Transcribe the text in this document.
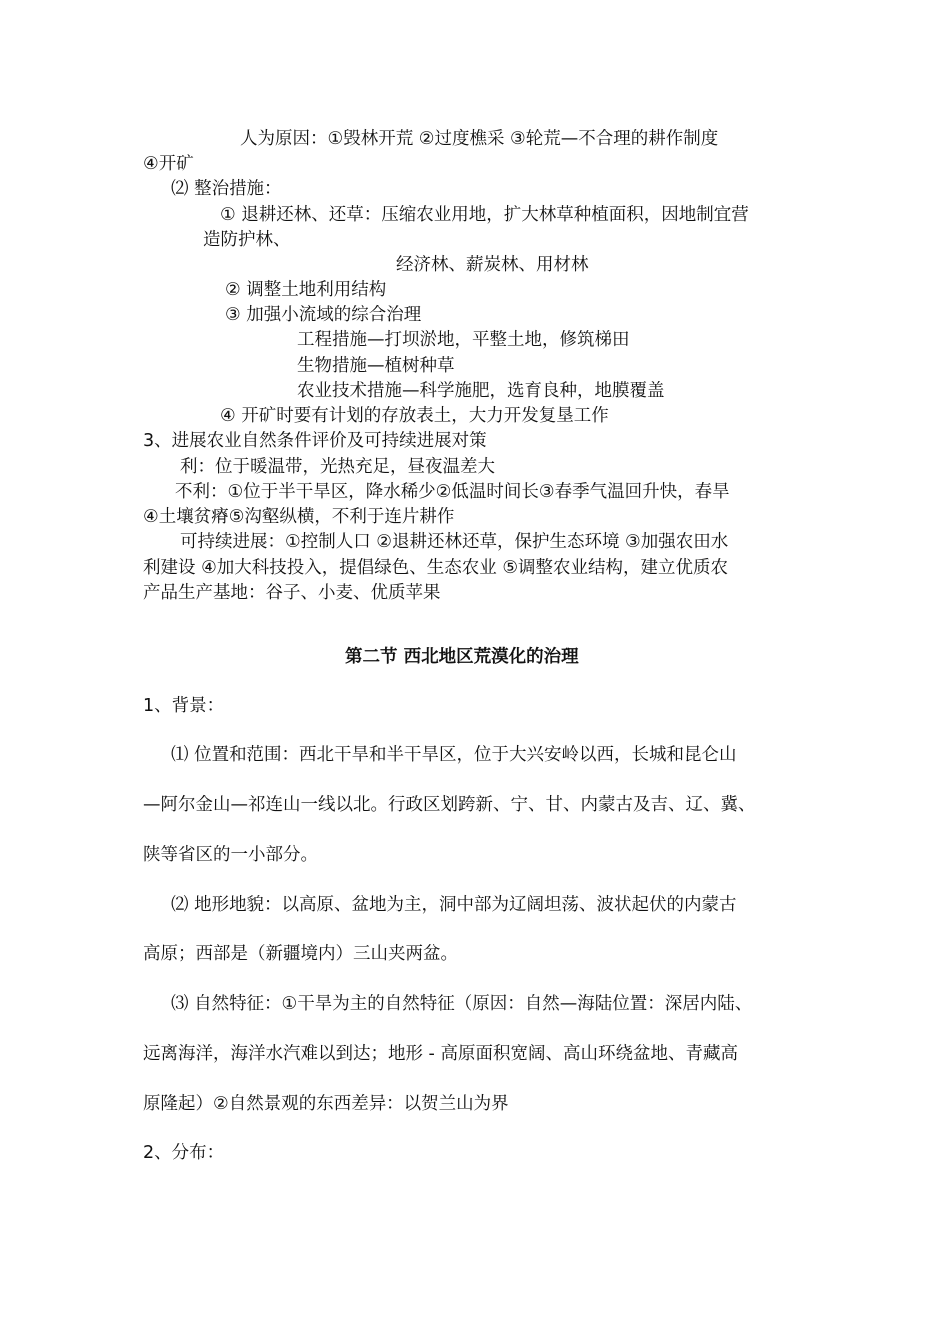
人为原因：①毁林开荒 ②过度樵采 ③轮荒—不合理的耕作制度
④开矿
⑵ 整治措施：
① 退耕还林、还草：压缩农业用地，扩大林草种植面积，因地制宜营
造防护林、
经济林、薪炭林、用材林
② 调整土地利用结构
③ 加强小流域的综合治理
工程措施—打坝淤地，平整土地，修筑梯田
生物措施—植树种草
农业技术措施—科学施肥，选育良种，地膜覆盖
④ 开矿时要有计划的存放表土，大力开发复垦工作
3、进展农业自然条件评价及可持续进展对策
利：位于暖温带，光热充足，昼夜温差大
不利：①位于半干旱区，降水稀少②低温时间长③春季气温回升快，春旱
④土壤贫瘠⑤沟壑纵横，不利于连片耕作
可持续进展：①控制人口 ②退耕还林还草，保护生态环境 ③加强农田水
利建设 ④加大科技投入，提倡绿色、生态农业 ⑤调整农业结构，建立优质农
产品生产基地：谷子、小麦、优质苹果
第二节 西北地区荒漠化的治理
1、背景：
⑴ 位置和范围：西北干旱和半干旱区，位于大兴安岭以西，长城和昆仑山
—阿尔金山—祁连山一线以北。行政区划跨新、宁、甘、内蒙古及吉、辽、冀、
陕等省区的一小部分。
⑵ 地形地貌：以高原、盆地为主，洞中部为辽阔坦荡、波状起伏的内蒙古
高原；西部是（新疆境内）三山夹两盆。
⑶ 自然特征：①干旱为主的自然特征（原因：自然—海陆位置：深居内陆、
远离海洋，海洋水汽难以到达；地形 - 高原面积宽阔、高山环绕盆地、青藏高
原隆起）②自然景观的东西差异：以贺兰山为界
2、分布：
